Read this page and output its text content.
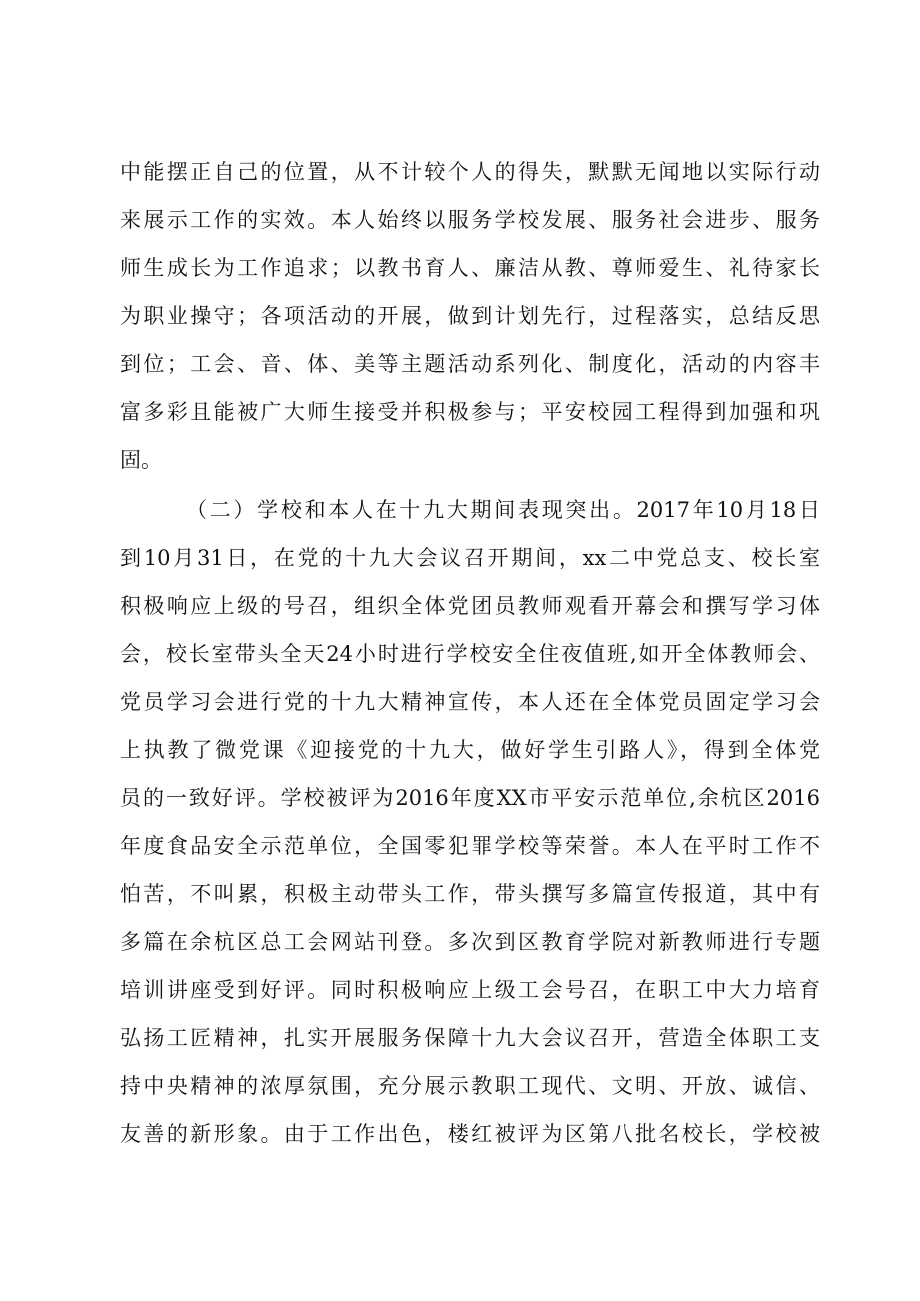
中能摆正自己的位置，从不计较个人的得失，默默无闻地以实际行动
来展示工作的实效。本人始终以服务学校发展、服务社会进步、服务
师生成长为工作追求；以教书育人、廉洁从教、尊师爱生、礼待家长
为职业操守；各项活动的开展，做到计划先行，过程落实，总结反思
到位；工会、音、体、美等主题活动系列化、制度化，活动的内容丰
富多彩且能被广大师生接受并积极参与；平安校园工程得到加强和巩
固。
（二）学校和本人在十九大期间表现突出。2017年10月18日
到10月31日，在党的十九大会议召开期间，xx二中党总支、校长室
积极响应上级的号召，组织全体党团员教师观看开幕会和撰写学习体
会，校长室带头全天24小时进行学校安全住夜值班,如开全体教师会、
党员学习会进行党的十九大精神宣传，本人还在全体党员固定学习会
上执教了微党课《迎接党的十九大，做好学生引路人》，得到全体党
员的一致好评。学校被评为2016年度XX市平安示范单位,余杭区2016
年度食品安全示范单位，全国零犯罪学校等荣誉。本人在平时工作不
怕苦，不叫累，积极主动带头工作，带头撰写多篇宣传报道，其中有
多篇在余杭区总工会网站刊登。多次到区教育学院对新教师进行专题
培训讲座受到好评。同时积极响应上级工会号召，在职工中大力培育
弘扬工匠精神，扎实开展服务保障十九大会议召开，营造全体职工支
持中央精神的浓厚氛围，充分展示教职工现代、文明、开放、诚信、
友善的新形象。由于工作出色，楼红被评为区第八批名校长，学校被
